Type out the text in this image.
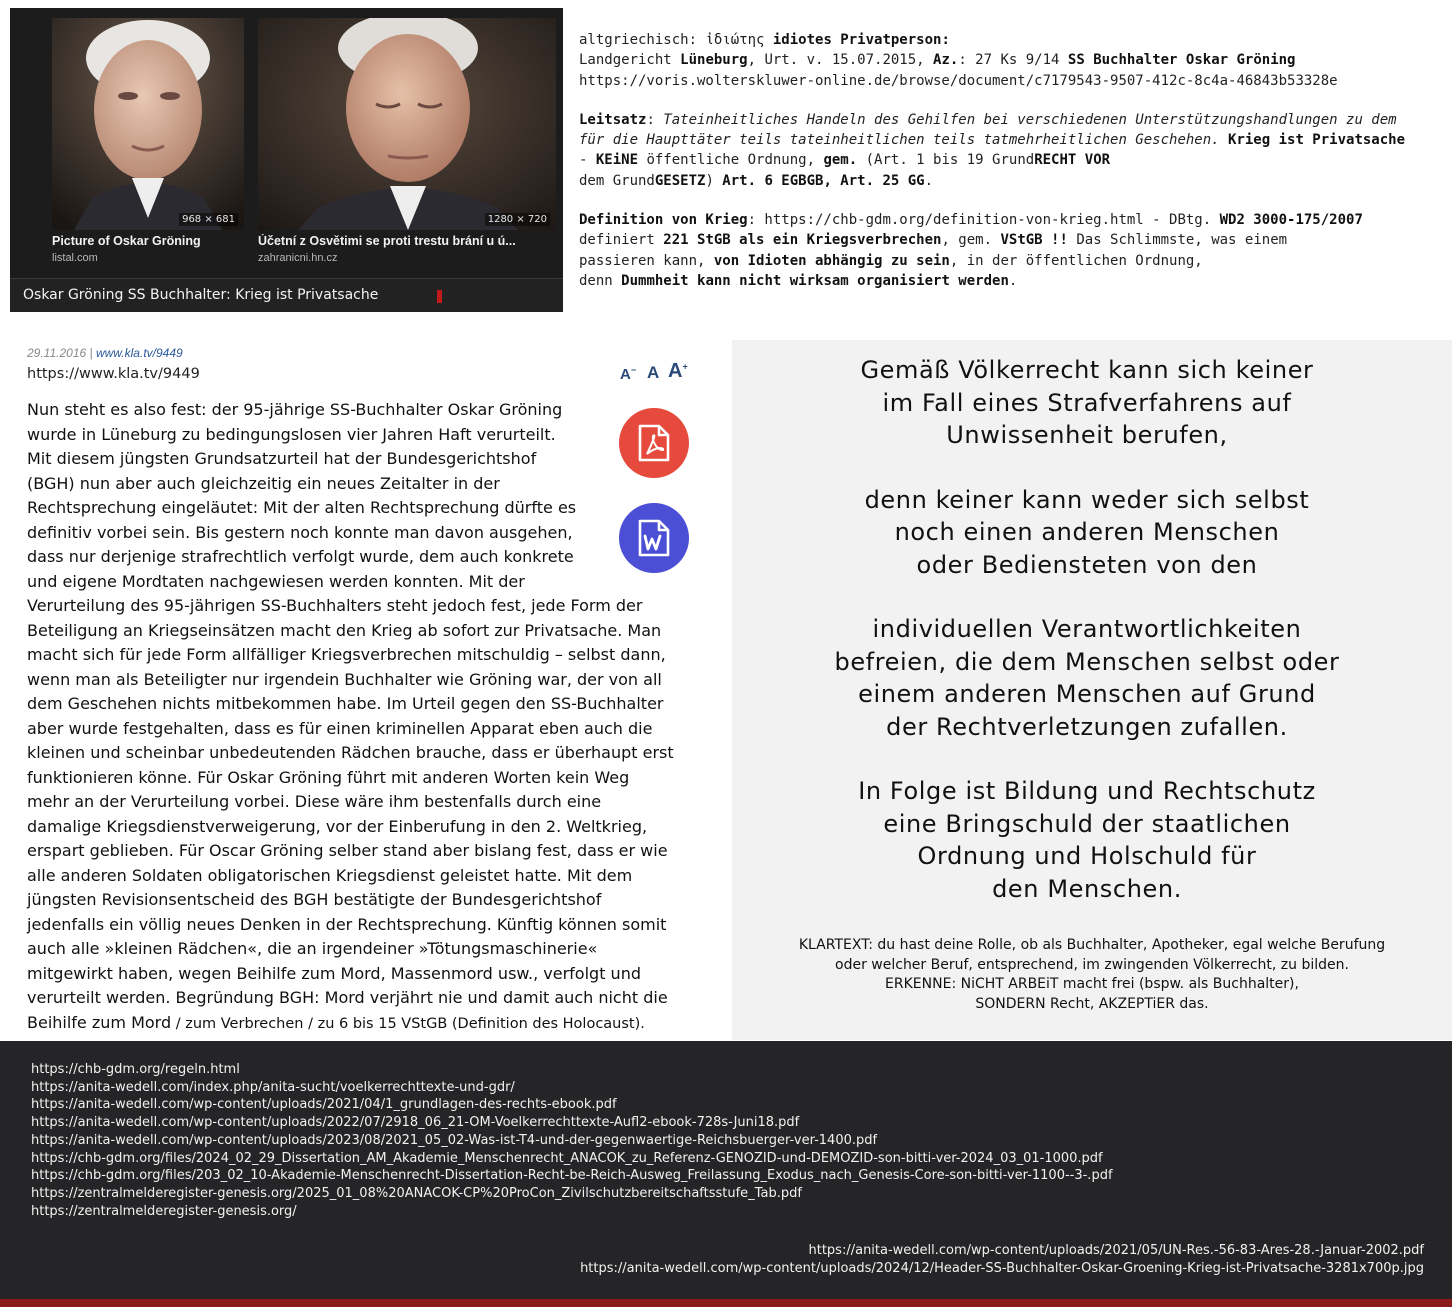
968 × 681	1280 × 720
Picture of Oskar Gröning
listal.com
Účetní z Osvětimi se proti trestu brání u ú...
zahranicni.hn.cz
Oskar Gröning SS Buchhalter: Krieg ist Privatsache

altgriechisch: ἰδιώτης idiotes Privatperson:

Landgericht Lüneburg, Urt. v. 15.07.2015, Az.: 27 Ks 9/14 SS Buchhalter Oskar Gröning

https://voris.wolterskluwer-online.de/browse/document/c7179543-9507-412c-8c4a-46843b53328e

Leitsatz: Tateinheitliches Handeln des Gehilfen bei verschiedenen Unterstützungshandlungen zu dem

für die Haupttäter teils tateinheitlichen teils tatmehrheitlichen Geschehen. Krieg ist Privatsache

- KEiNE öffentliche Ordnung, gem. (Art. 1 bis 19 GrundRECHT VOR

dem GrundGESETZ) Art. 6 EGBGB, Art. 25 GG.

Definition von Krieg: https://chb-gdm.org/definition-von-krieg.html - DBtg. WD2 3000-175/2007

definiert 221 StGB als ein Kriegsverbrechen, gem. VStGB !! Das Schlimmste, was einem

passieren kann, von Idioten abhängig zu sein, in der öffentlichen Ordnung,

denn Dummheit kann nicht wirksam organisiert werden.

29.11.2016 | www.kla.tv/9449
https://www.kla.tv/9449	A− A A+
Nun steht es also fest: der 95-jährige SS-Buchhalter Oskar Gröning
wurde in Lüneburg zu bedingungslosen vier Jahren Haft verurteilt.
Mit diesem jüngsten Grundsatzurteil hat der Bundesgerichtshof
(BGH) nun aber auch gleichzeitig ein neues Zeitalter in der
Rechtsprechung eingeläutet: Mit der alten Rechtsprechung dürfte es
definitiv vorbei sein. Bis gestern noch konnte man davon ausgehen,
dass nur derjenige strafrechtlich verfolgt wurde, dem auch konkrete
und eigene Mordtaten nachgewiesen werden konnten. Mit der
Verurteilung des 95-jährigen SS-Buchhalters steht jedoch fest, jede Form der
Beteiligung an Kriegseinsätzen macht den Krieg ab sofort zur Privatsache. Man
macht sich für jede Form allfälliger Kriegsverbrechen mitschuldig – selbst dann,
wenn man als Beteiligter nur irgendein Buchhalter wie Gröning war, der von all
dem Geschehen nichts mitbekommen habe. Im Urteil gegen den SS-Buchhalter
aber wurde festgehalten, dass es für einen kriminellen Apparat eben auch die
kleinen und scheinbar unbedeutenden Rädchen brauche, dass er überhaupt erst
funktionieren könne. Für Oskar Gröning führt mit anderen Worten kein Weg
mehr an der Verurteilung vorbei. Diese wäre ihm bestenfalls durch eine
damalige Kriegsdienstverweigerung, vor der Einberufung in den 2. Weltkrieg,
erspart geblieben. Für Oscar Gröning selber stand aber bislang fest, dass er wie
alle anderen Soldaten obligatorischen Kriegsdienst geleistet hatte. Mit dem
jüngsten Revisionsentscheid des BGH bestätigte der Bundesgerichtshof
jedenfalls ein völlig neues Denken in der Rechtsprechung. Künftig können somit
auch alle »kleinen Rädchen«, die an irgendeiner »Tötungsmaschinerie«
mitgewirkt haben, wegen Beihilfe zum Mord, Massenmord usw., verfolgt und
verurteilt werden. Begründung BGH: Mord verjährt nie und damit auch nicht die
Beihilfe zum Mord / zum Verbrechen / zu 6 bis 15 VStGB (Definition des Holocaust).
Gemäß Völkerrecht kann sich keiner
im Fall eines Strafverfahrens auf
Unwissenheit berufen,
denn keiner kann weder sich selbst
noch einen anderen Menschen
oder Bediensteten von den
individuellen Verantwortlichkeiten
befreien, die dem Menschen selbst oder
einem anderen Menschen auf Grund
der Rechtverletzungen zufallen.
In Folge ist Bildung und Rechtschutz
eine Bringschuld der staatlichen
Ordnung und Holschuld für
den Menschen.
KLARTEXT: du hast deine Rolle, ob als Buchhalter, Apotheker, egal welche Berufung
oder welcher Beruf, entsprechend, im zwingenden Völkerrecht, zu bilden.
ERKENNE: NiCHT ARBEiT macht frei (bspw. als Buchhalter),
SONDERN Recht, AKZEPTiER das.
https://chb-gdm.org/regeln.html
https://anita-wedell.com/index.php/anita-sucht/voelkerrechttexte-und-gdr/
https://anita-wedell.com/wp-content/uploads/2021/04/1_grundlagen-des-rechts-ebook.pdf
https://anita-wedell.com/wp-content/uploads/2022/07/2918_06_21-OM-Voelkerrechttexte-Aufl2-ebook-728s-Juni18.pdf
https://anita-wedell.com/wp-content/uploads/2023/08/2021_05_02-Was-ist-T4-und-der-gegenwaertige-Reichsbuerger-ver-1400.pdf
https://chb-gdm.org/files/2024_02_29_Dissertation_AM_Akademie_Menschenrecht_ANACOK_zu_Referenz-GENOZID-und-DEMOZID-son-bitti-ver-2024_03_01-1000.pdf
https://chb-gdm.org/files/203_02_10-Akademie-Menschenrecht-Dissertation-Recht-be-Reich-Ausweg_Freilassung_Exodus_nach_Genesis-Core-son-bitti-ver-1100--3-.pdf
https://zentralmelderegister-genesis.org/2025_01_08%20ANACOK-CP%20ProCon_Zivilschutzbereitschaftsstufe_Tab.pdf
https://zentralmelderegister-genesis.org/
https://anita-wedell.com/wp-content/uploads/2021/05/UN-Res.-56-83-Ares-28.-Januar-2002.pdf
https://anita-wedell.com/wp-content/uploads/2024/12/Header-SS-Buchhalter-Oskar-Groening-Krieg-ist-Privatsache-3281x700p.jpg
